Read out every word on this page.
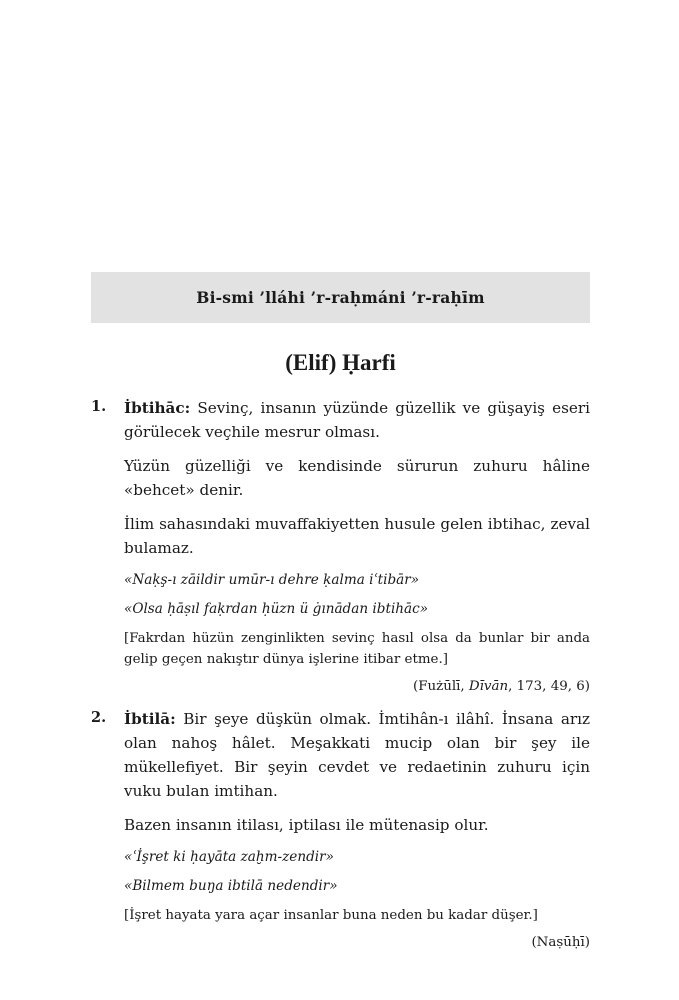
Bi-smi ’lláhi ’r-raḥmáni ’r-raḥīm
(Elif) Ḥarfi
1. İbtihāc: Sevinç, insanın yüzünde güzellik ve güşayiş eseri görülecek veçhile mesrur olması.

Yüzün güzelliği ve kendisinde sürurun zuhuru hâline «behcet» denir.

İlim sahasındaki muvaffakiyetten husule gelen ibtihac, zeval bulamaz.

«Naḳş-ı zāildir umūr-ı dehre ḳalma iʿtibār»

«Olsa ḥāṣıl faḳrdan ḥüzn ü ġınādan ibtihāc»

[Fakrdan hüzün zenginlikten sevinç hasıl olsa da bunlar bir anda gelip geçen nakıştır dünya işlerine itibar etme.]

(Fużūlī, Dīvān, 173, 49, 6)

2. İbtilā: Bir şeye düşkün olmak. İmtihân-ı ilâhî. İnsana arız olan nahoş hâlet. Meşakkati mucip olan bir şey ile mükellefiyet. Bir şeyin cevdet ve redaetinin zuhuru için vuku bulan imtihan.

Bazen insanın itilası, iptilası ile mütenasip olur.

«ʿİşret ki ḥayāta zaḫm-zendir»

«Bilmem buŋa ibtilā nedendir»

[İşret hayata yara açar insanlar buna neden bu kadar düşer.]

(Naṣūḥī)
